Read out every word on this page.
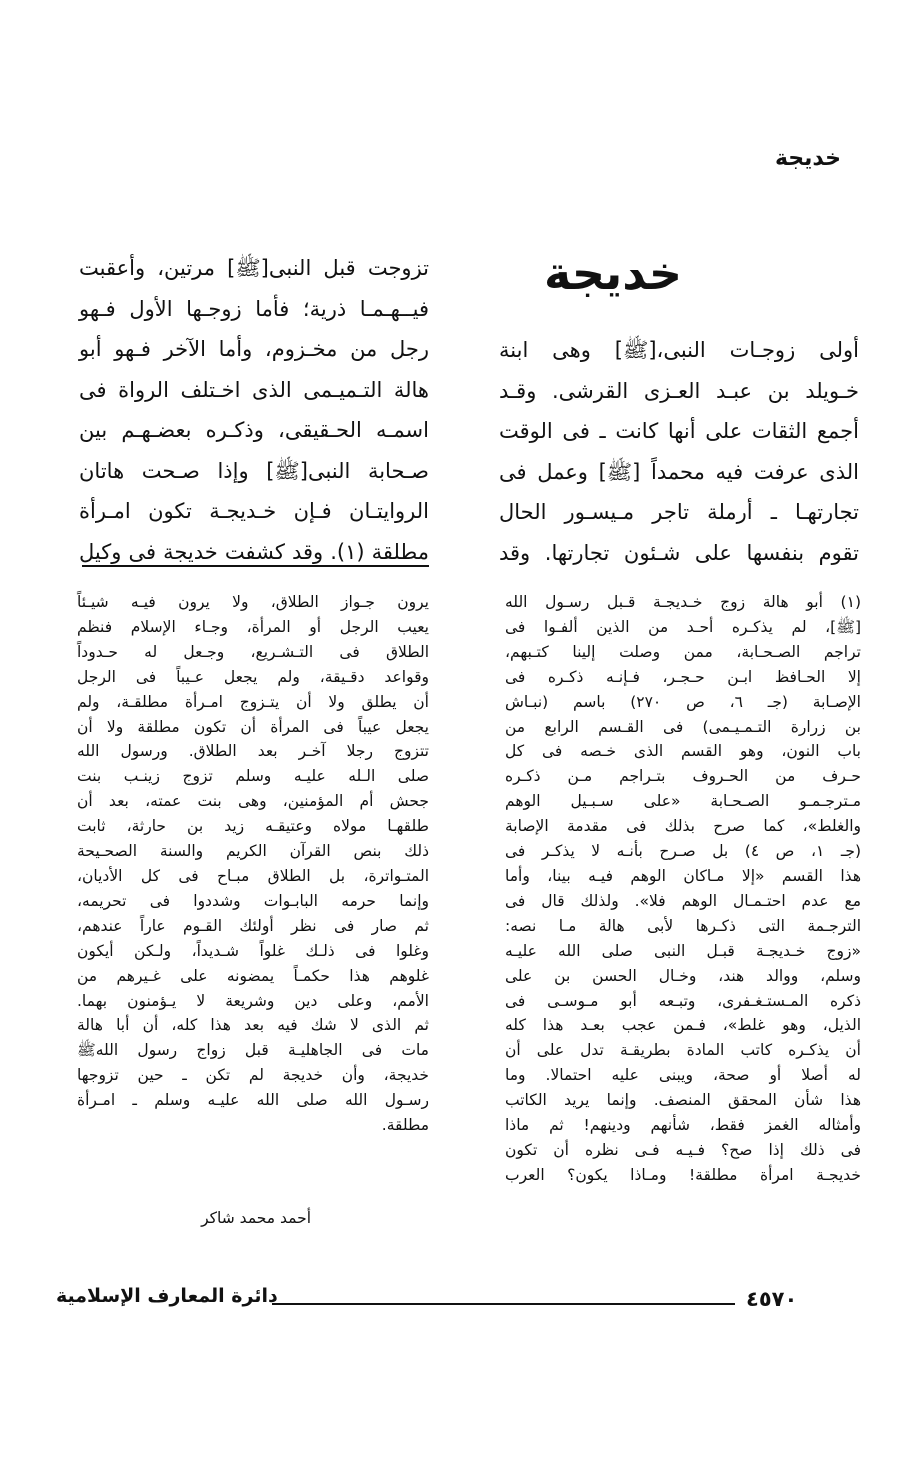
خديجة
خديجة
أولى زوجـات النبى،[ﷺ] وهى ابنة
خـويلد بن عبـد العـزى القرشى. وقـد
أجمع الثقات على أنها كانت ـ فى الوقت
الذى عرفت فيه محمداً [ﷺ] وعمل فى
تجارتهـا ـ أرملة تاجر مـيسـور الحال
تقوم بنفسها على شـئون تجارتها. وقد
تزوجت قبل النبى[ﷺ] مرتين، وأعقبت
فيــهـمـا ذرية؛ فأما زوجـها الأول فـهو
رجل من مخـزوم، وأما الآخر فـهو أبو
هالة التـميـمى الذى اخـتلف الرواة فى
اسمـه الحـقيقى، وذكـره بعضـهـم بين
صـحابة النبى[ﷺ] وإذا صـحت هاتان
الروايتـان فـإن خـديجـة تكون امـرأة
مطلقة (١). وقد كشفت خديجة فى وكيل
(١) أبو هالة زوج خـديجـة قـبل رسـول الله
[ﷺ]، لم يذكـره أحـد من الذين ألفـوا فى
تراجم الصـحـابة، ممن وصلت إلينا كتـبهم،
إلا الحـافظ ابـن حـجـر، فـإنـه ذكـره فى
الإصـابة (جـ ٦، ص ٢٧٠) باسم (نبـاش
بن زرارة التـمـيـمى) فى القـسم الرابع من
باب النون، وهو القسم الذى خـصه فى كل
حـرف من الحـروف بتـراجم مـن ذكـره
مـترجـمـو الصـحـابة «على سـبـيل الوهم
والغلط»، كما صرح بذلك فى مقدمة الإصابة
(جـ ١، ص ٤) بل صـرح بأنـه لا يذكـر فى
هذا القسم «إلا مـاكان الوهم فيـه بينا، وأما
مع عدم احتـمـال الوهم فلا». ولذلك قال فى
الترجـمة التى ذكـرها لأبى هالة مـا نصه:
«زوج خـديجـة قبـل النبى صلى الله عليـه
وسلم، ووالد هند، وخـال الحسن بن على
ذكره المـستـغـفرى، وتبـعه أبو مـوسـى فى
الذيل، وهو غلط»، فـمن عجب بعـد هذا كله
أن يذكـره كاتب المادة بطريقـة تدل على أن
له أصلا أو صحة، ويبنى عليه احتمالا. وما
هذا شأن المحقق المنصف. وإنما يريد الكاتب
وأمثاله الغمز فقط، شأنهم ودينهم! ثم ماذا
فى ذلك إذا صح؟ فـيـه فـى نظره أن تكون
خديجـة امرأة مطلقة! ومـاذا يكون؟ العرب
يرون جـواز الطلاق، ولا يرون فيـه شيـئاً
يعيب الرجل أو المرأة، وجـاء الإسلام فنظم
الطلاق فى التـشـريع، وجـعل له حـدوداً
وقواعد دقـيقة، ولم يجعل عـيباً فى الرجل
أن يطلق ولا أن يتـزوج امـرأة مطلقـة، ولم
يجعل عيباً فى المرأة أن تكون مطلقة ولا أن
تتزوج رجلا آخـر بعد الطلاق. ورسول الله
صلى الـله عليـه وسلم تزوج زينـب بنت
جحش أم المؤمنين، وهى بنت عمته، بعد أن
طلقهـا مولاه وعتيقـه زيد بن حارثة، ثابت
ذلك بنص القرآن الكريم والسنة الصحـيحة
المتـواترة، بل الطلاق مبـاح فى كل الأديان،
وإنما حرمه البابـوات وشددوا فى تحريمه،
ثم صار فى نظر أولئك القـوم عاراً عندهم،
وغلوا فى ذلـك غلواً شـديداً، ولـكن أيكون
غلوهم هذا حكمـاً يمضونه على غـيرهم من
الأمم، وعلى دين وشريعة لا يـؤمنون بهما.
ثم الذى لا شك فيه بعد هذا كله، أن أبا هالة
مات فى الجاهليـة قبل زواج رسول اللهﷺ
خديجة، وأن خديجة لم تكن ـ حين تزوجها
رسـول الله صلى الله عليـه وسلم ـ امـرأة
مطلقة.
أحمد محمد شاكر
٤٥٧٠
دائرة المعارف الإسلامية
